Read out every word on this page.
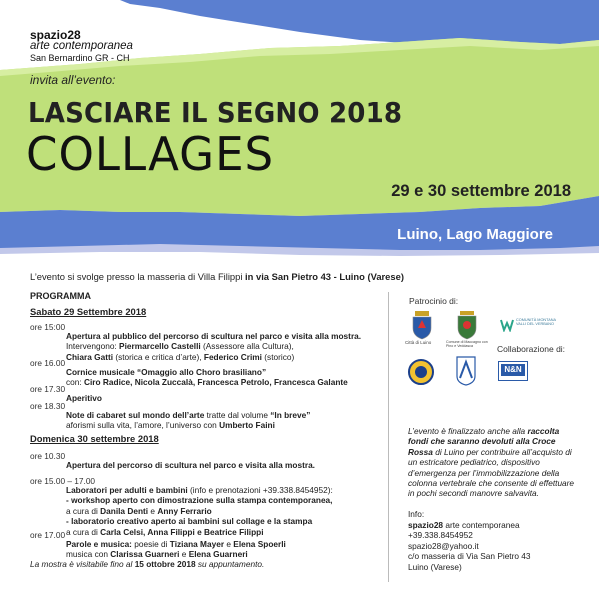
spazio28
arte contemporanea
San Bernardino GR - CH
invita all’evento:
LASCIARE IL SEGNO 2018
COLLAGES
29 e 30 settembre 2018
Luino, Lago Maggiore
L’evento si svolge presso la masseria di Villa Filippi in via San Pietro 43 - Luino (Varese)
PROGRAMMA
Sabato 29 Settembre 2018
ore 15:00
Apertura al pubblico del percorso di scultura nel parco e visita alla mostra.
Intervengono: Piermarcello Castelli (Assessore alla Cultura),
Chiara Gatti (storica e critica d’arte), Federico Crimi (storico)
ore 16.00
Cornice musicale “Omaggio allo Choro brasiliano”
con: Ciro Radice, Nicola Zuccalà, Francesca Petrolo, Francesca Galante
ore 17.30
Aperitivo
ore 18.30
Note di cabaret sul mondo dell’arte tratte dal volume “In breve”
aforismi sulla vita, l’amore, l’universo con Umberto Faini
Domenica 30 settembre 2018
ore 10.30
Apertura del percorso di scultura nel parco e visita alla mostra.
ore 15.00 – 17.00
Laboratori per adulti e bambini (info e prenotazioni +39.338.8454952):
- workshop aperto con dimostrazione sulla stampa contemporanea,
a cura di Danila Denti e Anny Ferrario
- laboratorio creativo aperto ai bambini sul collage e la stampa
a cura di Carla Celsi, Anna Filippi e Beatrice Filippi
ore 17.00
Parole e musica: poesie di Tiziana Mayer e Elena Spoerli
musica con Clarissa Guarneri e Elena Guarneri
La mostra è visitabile fino al 15 ottobre 2018 su appuntamento.
Patrocinio di:
Città di Luino	Comune di Maccagno con Pino e Veddasca
COMUNITÀ MONTANA VALLI DEL VERBANO
Collaborazione di:
N&N
L’evento è finalizzato anche alla raccolta fondi che saranno devoluti alla Croce Rossa di Luino per contribuire all’acquisto di un estricatore pediatrico, dispositivo d’emergenza per l’immobilizzazione della colonna vertebrale che consente di effettuare in pochi secondi manovre salvavita.
Info:
spazio28 arte contemporanea
+39.338.8454952
spazio28@yahoo.it
c/o masseria di Via San Pietro 43
Luino (Varese)
